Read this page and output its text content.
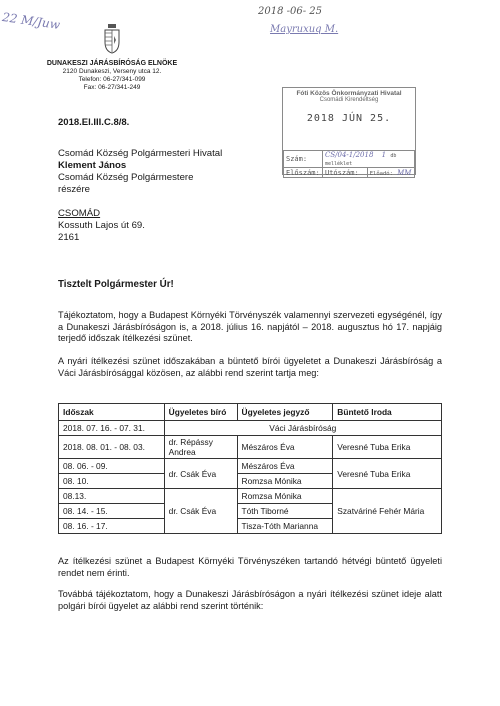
22 M/Juw	2018 -06- 25
Mayruxuq M.
DUNAKESZI JÁRÁSBÍRÓSÁG ELNÖKE
2120 Dunakeszi, Verseny utca 12.
Telefon: 06-27/341-099
Fax: 06-27/341-249
2018.El.III.C.8/8.
Fóti Közös Önkormányzati Hivatal
Csomádi Kirendeltség
2018 JÚN 25.
Szám:	CS/04-1/2018 1 db melléklet	
Előszám:	Utószám:	Előadó: MM
Csomád Község Polgármesteri Hivatal
Klement János
Csomád Község Polgármestere
részére
CSOMÁD
Kossuth Lajos út 69.
2161
Tisztelt Polgármester Úr!
Tájékoztatom, hogy a Budapest Környéki Törvényszék valamennyi szervezeti egységénél, így a Dunakeszi Járásbíróságon is, a 2018. július 16. napjától – 2018. augusztus hó 17. napjáig terjedő időszak ítélkezési szünet.
A nyári ítélkezési szünet időszakában a büntető bírói ügyeletet a Dunakeszi Járásbíróság a Váci Járásbírósággal közösen, az alábbi rend szerint tartja meg:
Időszak	Ügyeletes bíró	Ügyeletes jegyző	Büntető Iroda
2018. 07. 16. - 07. 31.	Váci Járásbíróság		
2018. 08. 01. - 08. 03.	dr. Répássy Andrea	Mészáros Éva	Veresné Tuba Erika
08. 06. - 09.	dr. Csák Éva	Mészáros Éva	Veresné Tuba Erika
08. 10.		Romzsa Mónika	
08.13.	dr. Csák Éva	Romzsa Mónika	Szatváriné Fehér Mária
08. 14. - 15.		Tóth Tiborné	
08. 16. - 17.		Tisza-Tóth Marianna	
Az ítélkezési szünet a Budapest Környéki Törvényszéken tartandó hétvégi büntető ügyeleti rendet nem érinti.
Továbbá tájékoztatom, hogy a Dunakeszi Járásbíróságon a nyári ítélkezési szünet ideje alatt polgári bírói ügyelet az alábbi rend szerint történik:
